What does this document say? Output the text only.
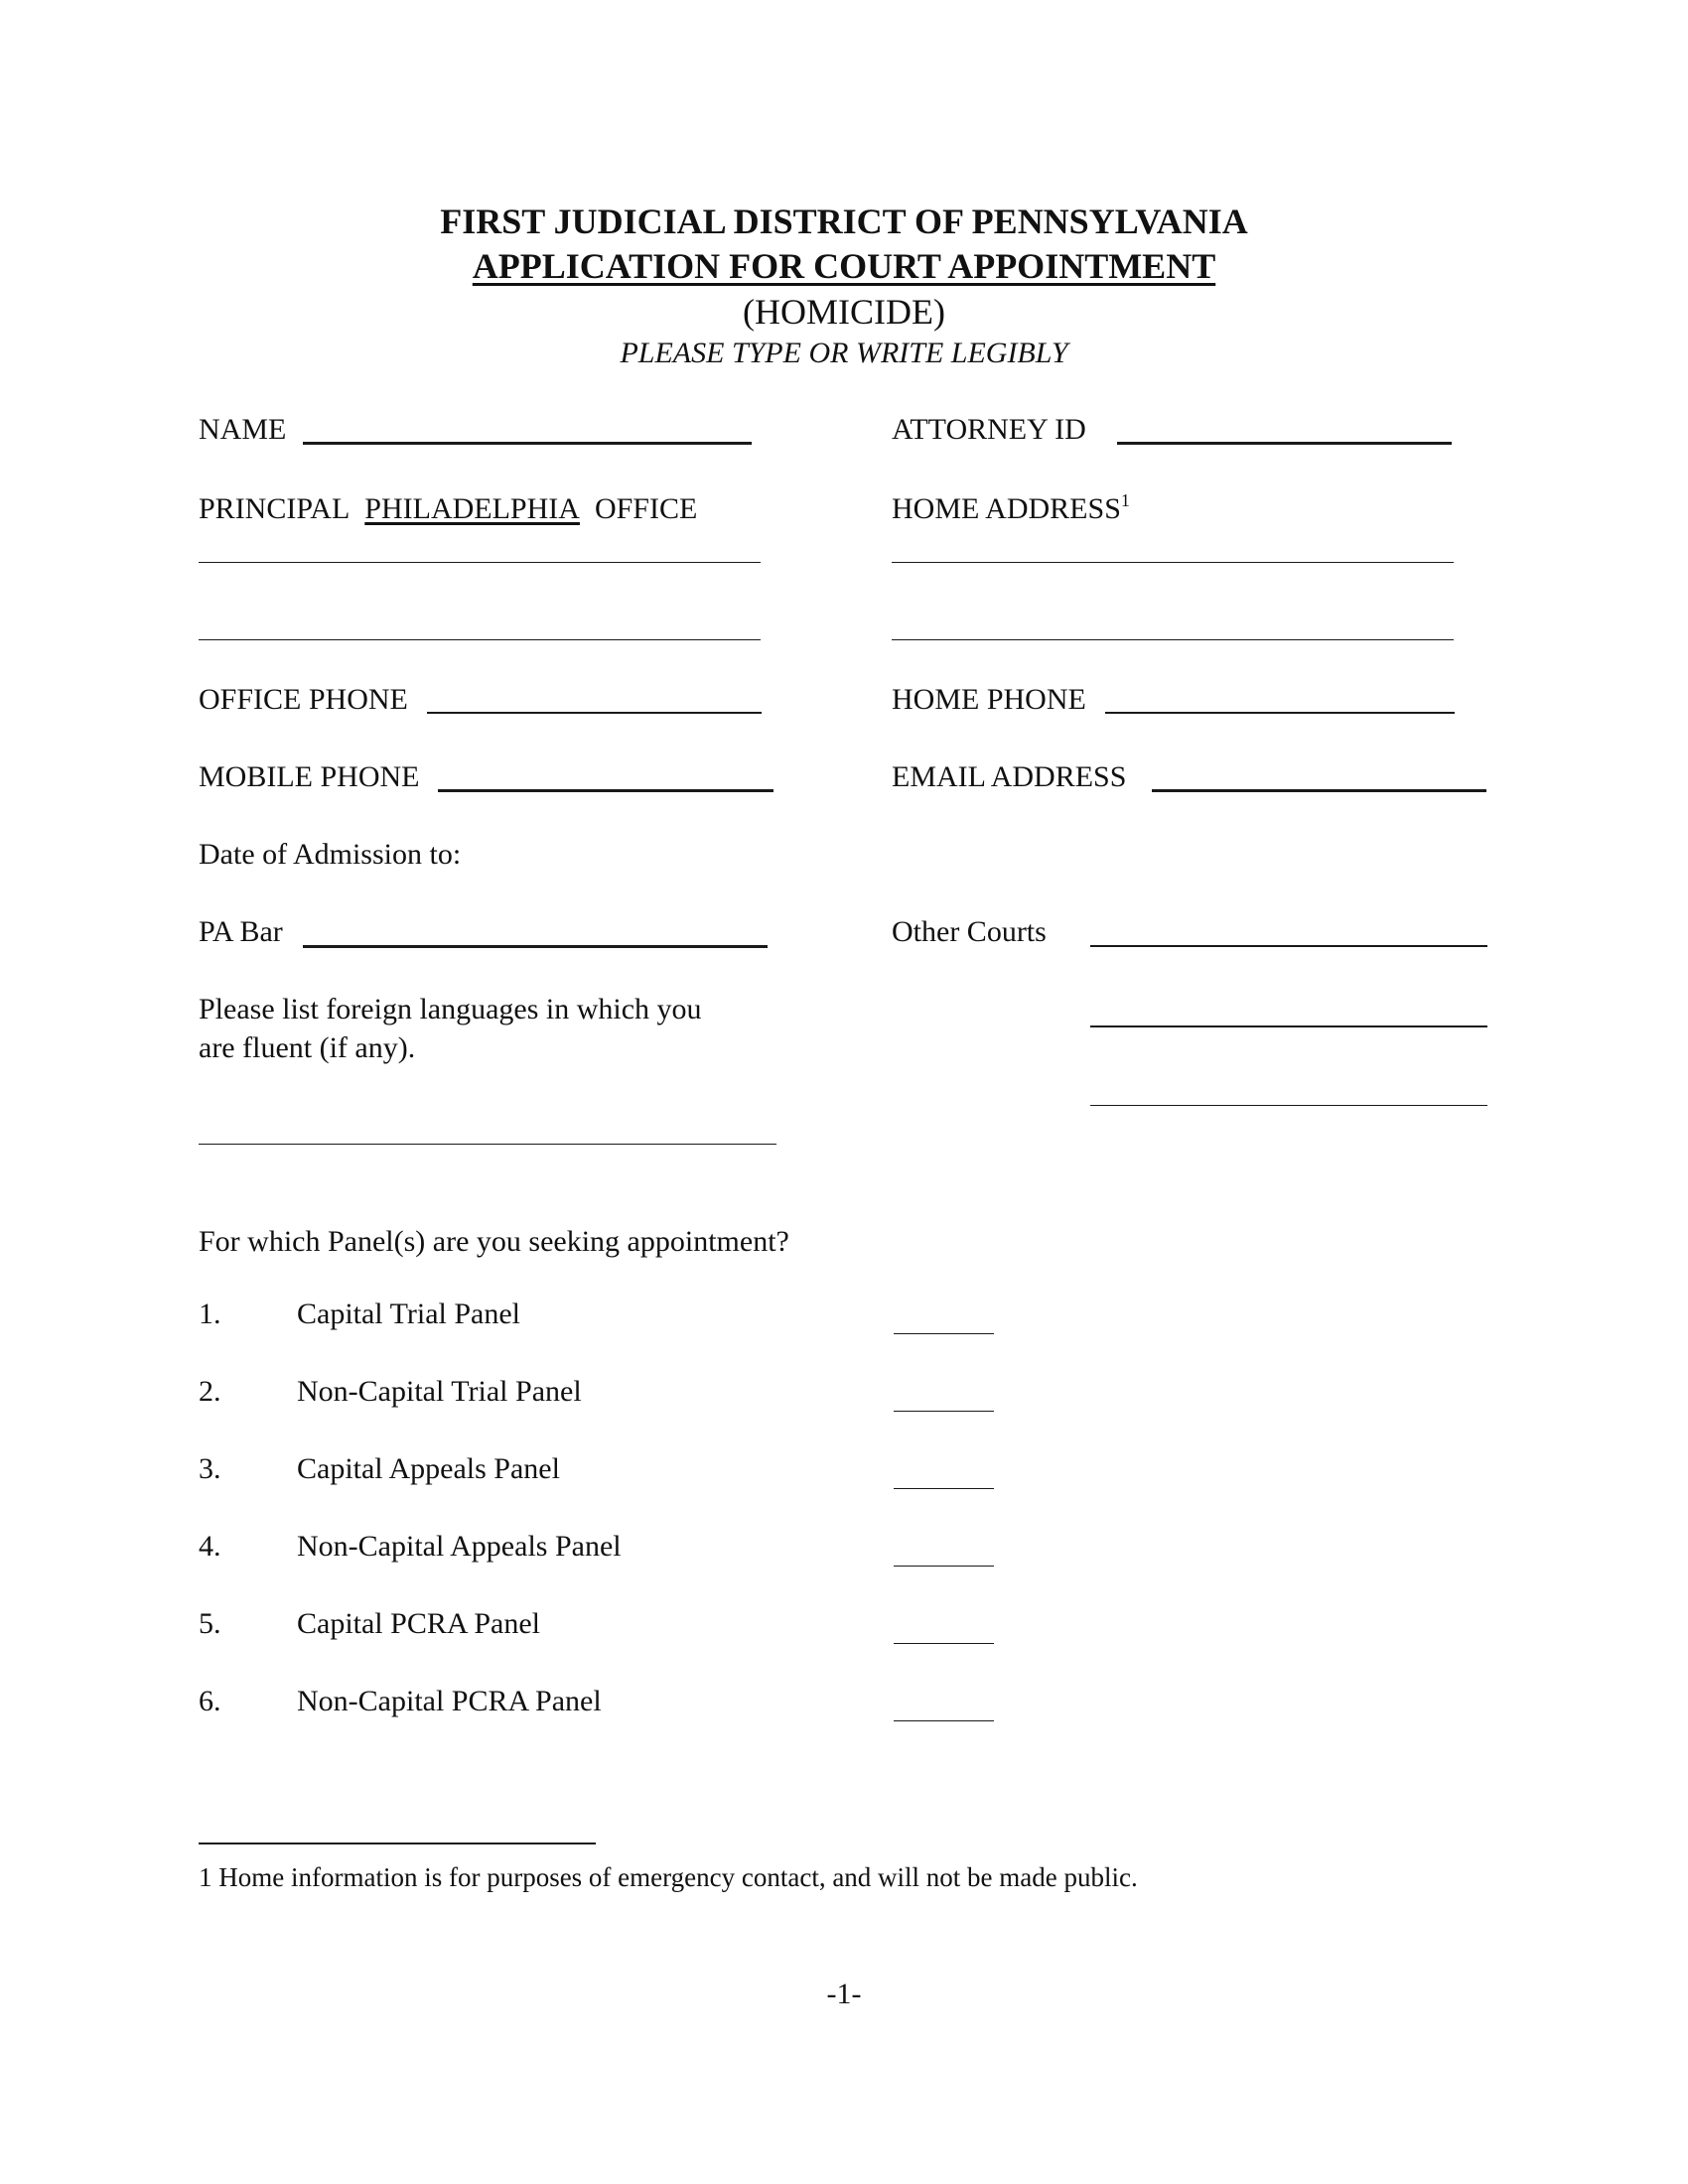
FIRST JUDICIAL DISTRICT OF PENNSYLVANIA
APPLICATION FOR COURT APPOINTMENT
(HOMICIDE)
PLEASE TYPE OR WRITE LEGIBLY
NAME	ATTORNEY ID
PRINCIPAL PHILADELPHIA OFFICE	HOME ADDRESS$^1$
OFFICE PHONE	HOME PHONE
MOBILE PHONE	EMAIL ADDRESS
Date of Admission to:
PA Bar	Other Courts
Please list foreign languages in which you
are fluent (if any).
For which Panel(s) are you seeking appointment?
1.	Capital Trial Panel
2.	Non-Capital Trial Panel
3.	Capital Appeals Panel
4.	Non-Capital Appeals Panel
5.	Capital PCRA Panel
6.	Non-Capital PCRA Panel
1 Home information is for purposes of emergency contact, and will not be made public.
-1-
